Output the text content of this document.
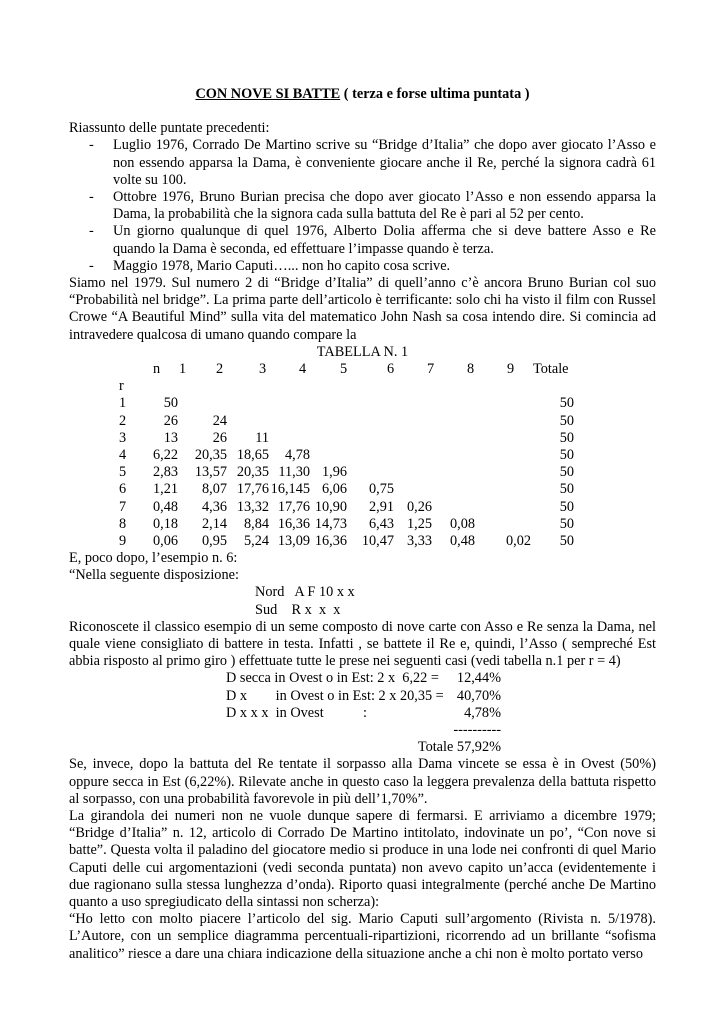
CON NOVE SI BATTE ( terza e forse ultima puntata )

Riassunto delle puntate precedenti:

- Luglio 1976, Corrado De Martino scrive su “Bridge d’Italia” che dopo aver giocato l’Asso e non essendo apparsa la Dama, è conveniente giocare anche il Re, perché la signora cadrà 61 volte su 100.
- Ottobre 1976, Bruno Burian precisa che dopo aver giocato l’Asso e non essendo apparsa la Dama, la probabilità che la signora cada sulla battuta del Re è pari al 52 per cento.
- Un giorno qualunque di quel 1976, Alberto Dolia afferma che si deve battere Asso e Re quando la Dama è seconda, ed effettuare l’impasse quando è terza.
- Maggio 1978, Mario Caputi…... non ho capito cosa scrive.

Siamo nel 1979. Sul numero 2 di “Bridge d’Italia” di quell’anno c’è ancora Bruno Burian col suo “Probabilità nel bridge”. La prima parte dell’articolo è terrificante: solo chi ha visto il film con Russel Crowe “A Beautiful Mind” sulla vita del matematico John Nash sa cosa intendo dire. Si comincia ad intravedere qualcosa di umano quando compare la

TABELLA N. 1
n 1 2	3 4 5	6 7 8 9 Totale
r
1	50	50
2	26 24	50
3	13 26 11	50
4 6,22 20,35 18,65 4,78	50
5 2,83 13,57 20,35 11,30 1,96	50
6 1,21 8,07 17,76 16,145 6,06 0,75	50
7 0,48 4,36 13,32 17,76 10,90 2,91 0,26	50
8 0,18 2,14 8,84 16,36 14,73 6,43 1,25 0,08	50
9 0,06 0,95 5,24 13,09 16,36 10,47 3,33 0,48 0,02 50

E, poco dopo, l’esempio n. 6:

“Nella seguente disposizione:

Nord   A F 10 x x
Sud    R x  x  x

Riconoscete il classico esempio di un seme composto di nove carte con Asso e Re senza la Dama, nel quale viene consigliato di battere in testa. Infatti , se battete il Re e, quindi, l’Asso ( sempreché Est abbia risposto al primo giro ) effettuate tutte le prese nei seguenti casi (vedi tabella n.1 per r = 4)

D secca in Ovest o in Est: 2 x  6,22 = 12,44%
D x        in Ovest o in Est: 2 x 20,35 = 40,70%
D x x x  in Ovest           :	4,78%
----------
Totale 57,92%

Se, invece, dopo la battuta del Re tentate il sorpasso alla Dama vincete se essa è in Ovest (50%) oppure secca in Est (6,22%). Rilevate anche in questo caso la leggera prevalenza della battuta rispetto al sorpasso, con una probabilità favorevole in più dell’1,70%”.

La girandola dei numeri non ne vuole dunque sapere di fermarsi. E arriviamo a dicembre 1979; “Bridge d’Italia” n. 12, articolo di Corrado De Martino intitolato, indovinate un po’, “Con nove si batte”. Questa volta il paladino del giocatore medio si produce in una lode nei confronti di quel Mario Caputi delle cui argomentazioni (vedi seconda puntata) non avevo capito un’acca (evidentemente i due ragionano sulla stessa lunghezza d’onda). Riporto quasi integralmente (perché anche De Martino quanto a uso spregiudicato della sintassi non scherza):

“Ho letto con molto piacere l’articolo del sig. Mario Caputi sull’argomento (Rivista n. 5/1978). L’Autore, con un semplice diagramma percentuali-ripartizioni, ricorrendo ad un brillante “sofisma analitico” riesce a dare una chiara indicazione della situazione anche a chi non è molto portato verso
